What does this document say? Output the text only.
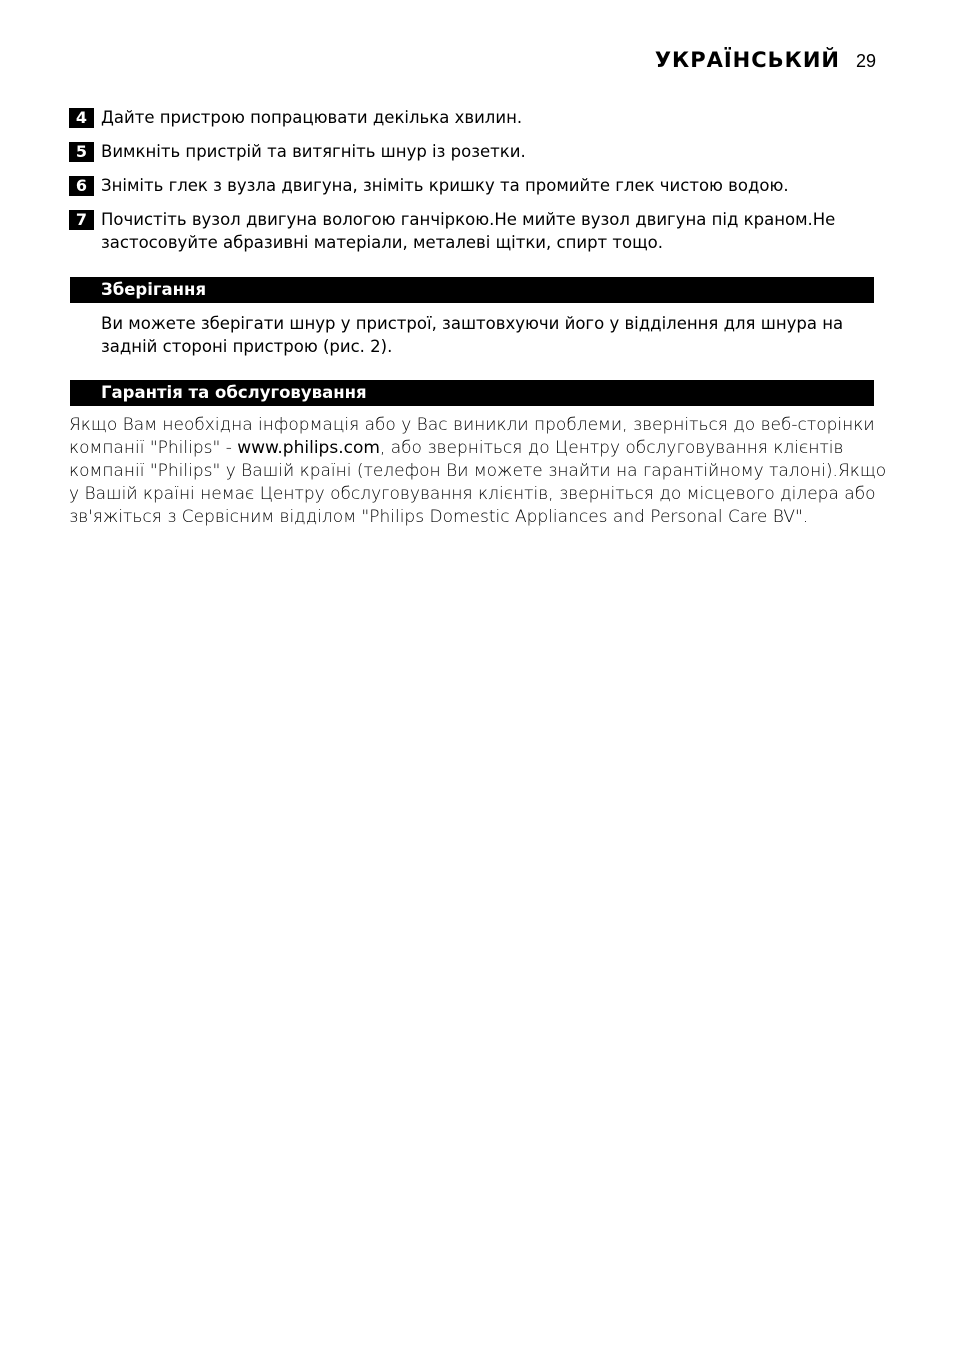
УКРАЇНСЬКИЙ 29
4 Дайте пристрою попрацювати декілька хвилин.
5 Вимкніть пристрій та витягніть шнур із розетки.
6 Зніміть глек з вузла двигуна, зніміть кришку та промийте глек чистою водою.
7 Почистіть вузол двигуна вологою ганчіркою.Не мийте вузол двигуна під краном.Не застосовуйте абразивні матеріали, металеві щітки, спирт тощо.
Зберігання
Ви можете зберігати шнур у пристрої, заштовхуючи його у відділення для шнура на задній стороні пристрою (рис. 2).
Гарантія та обслуговування
Якщо Вам необхідна інформація або у Вас виникли проблеми, зверніться до веб-сторінки компанії "Philips" - www.philips.com, або зверніться до Центру обслуговування клієнтів компанії "Philips" у Вашій країні (телефон Ви можете знайти на гарантійному талоні).Якщо у Вашій країні немає Центру обслуговування клієнтів, зверніться до місцевого ділера або зв'яжіться з Сервісним відділом "Philips Domestic Appliances and Personal Care BV".
